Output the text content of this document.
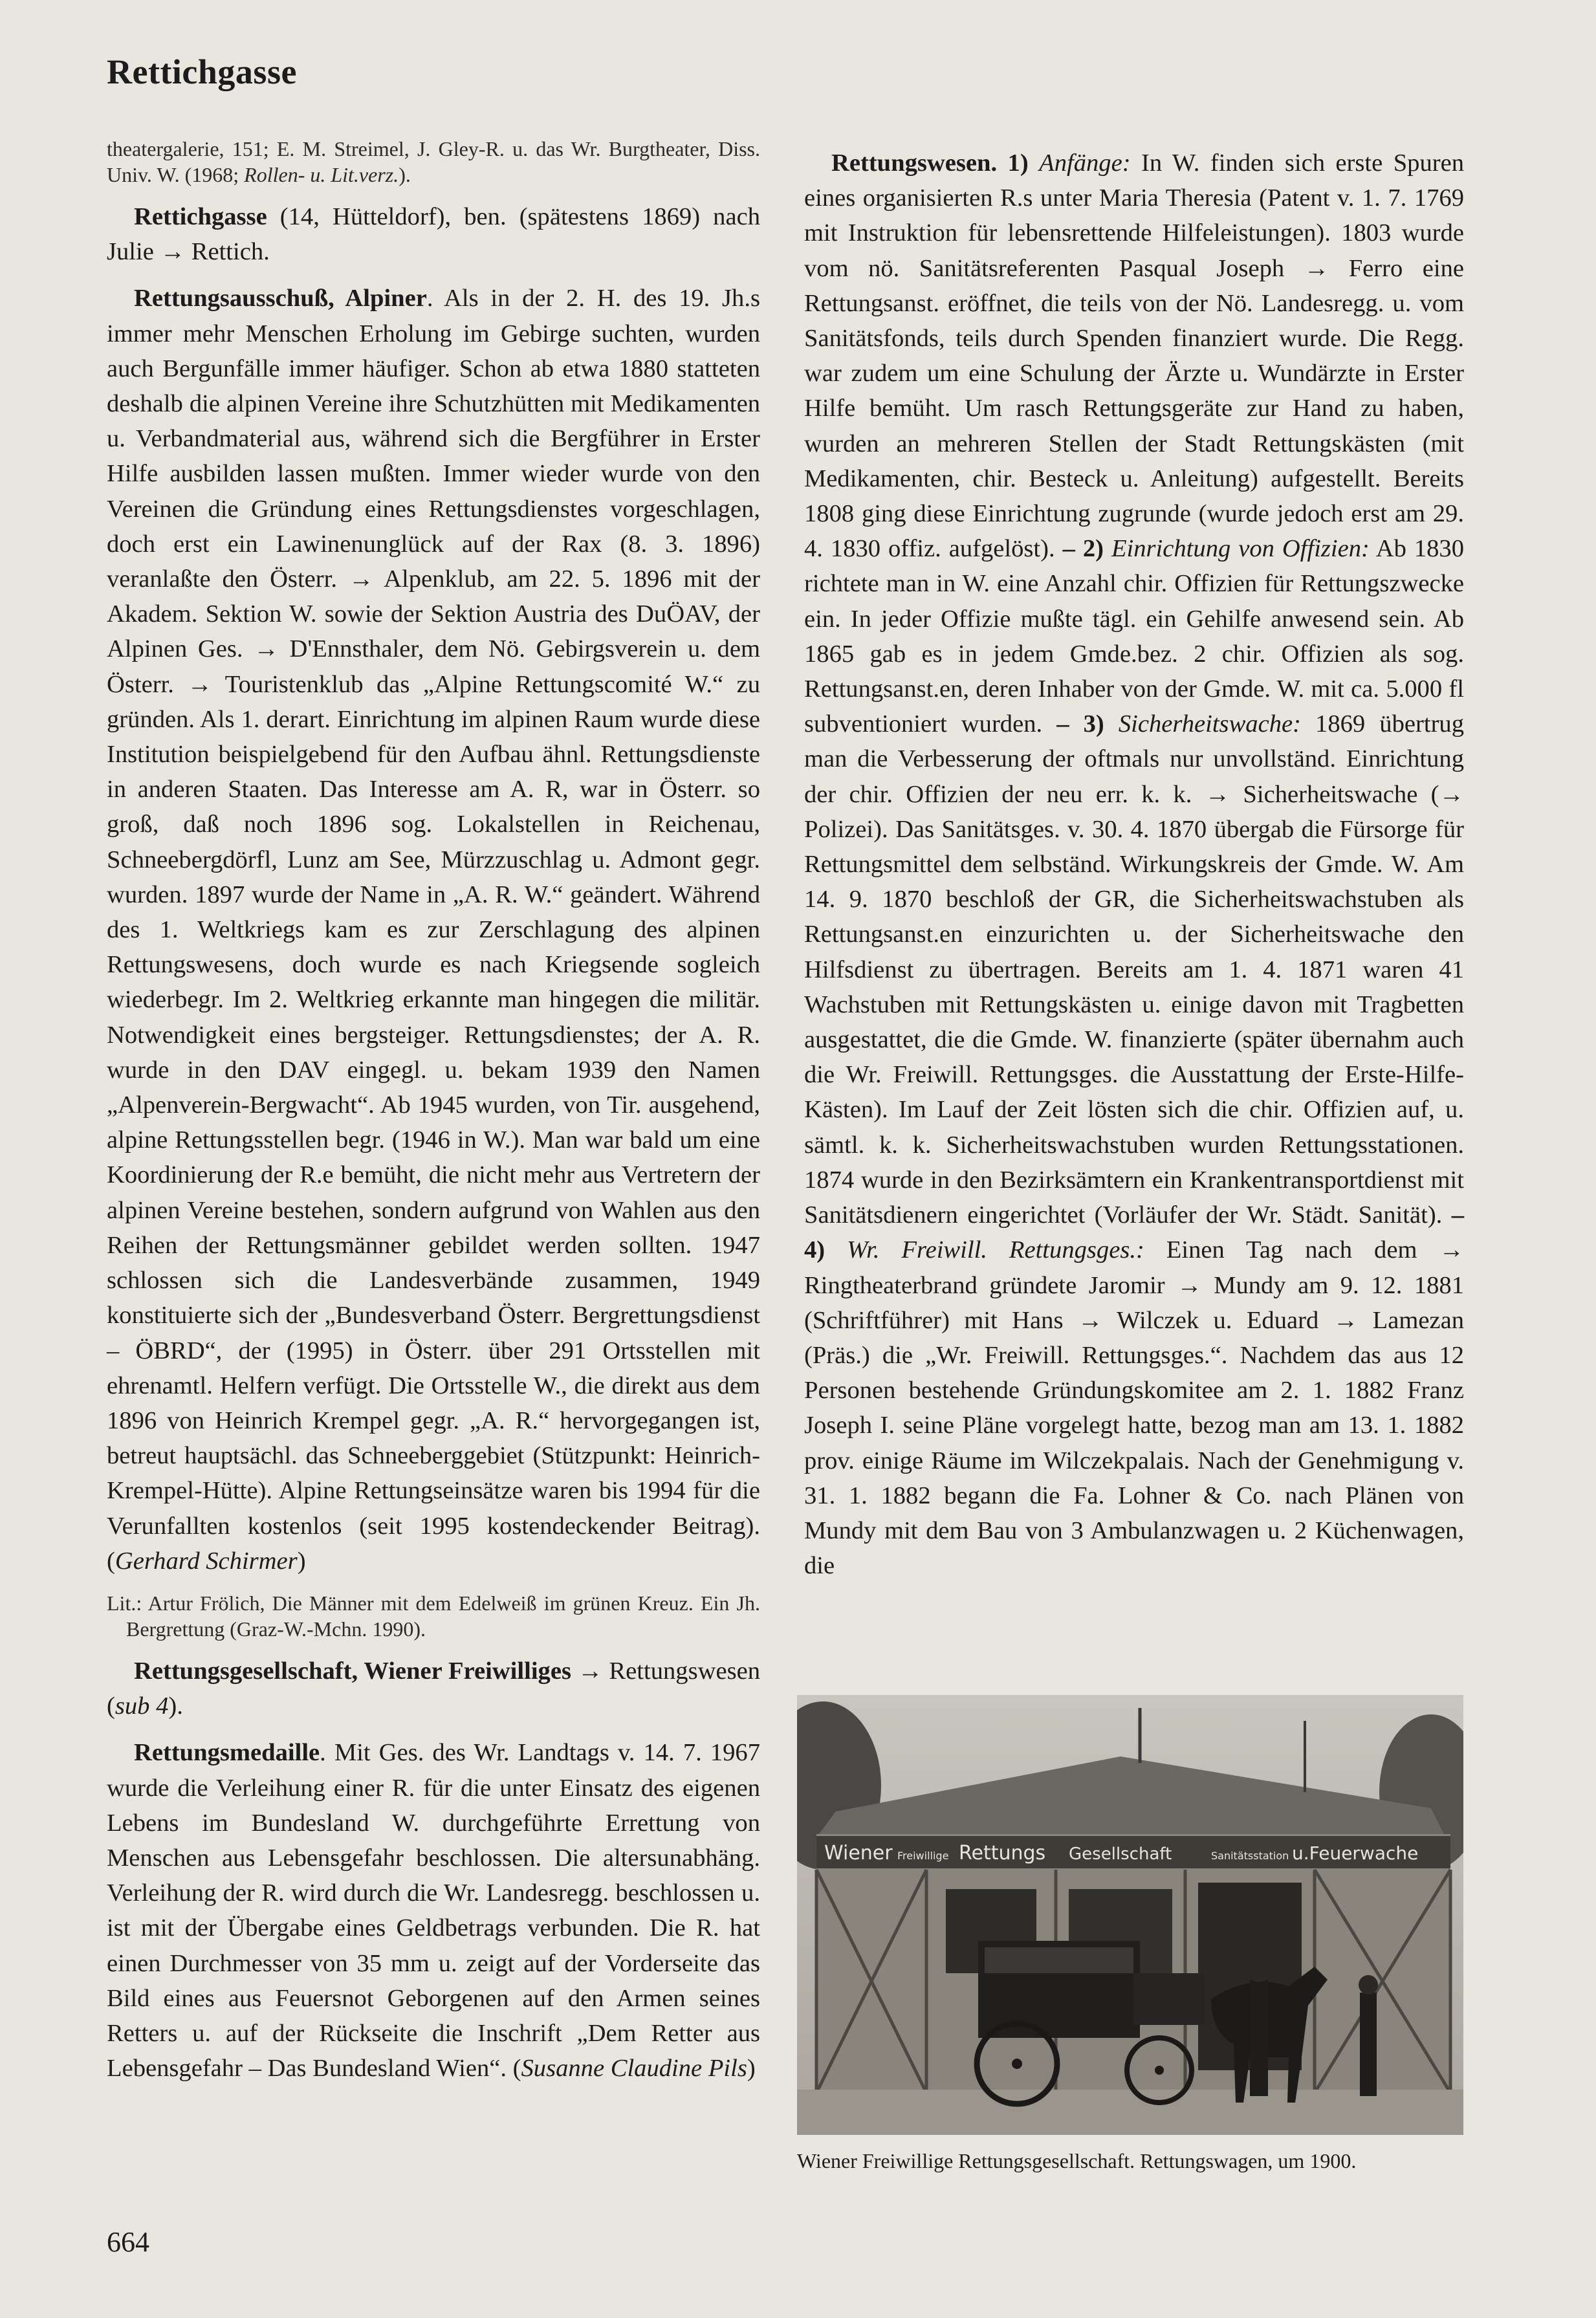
Rettichgasse

theatergalerie, 151; E. M. Streimel, J. Gley-R. u. das Wr. Burgtheater, Diss. Univ. W. (1968; Rollen- u. Lit.verz.).

Rettichgasse (14, Hütteldorf), ben. (spätestens 1869) nach Julie → Rettich.

Rettungsausschuß, Alpiner. Als in der 2. H. des 19. Jh.s immer mehr Menschen Erholung im Gebirge suchten, wurden auch Bergunfälle immer häufiger. Schon ab etwa 1880 statteten deshalb die alpinen Vereine ihre Schutzhütten mit Medikamenten u. Verbandmaterial aus, während sich die Bergführer in Erster Hilfe ausbilden lassen mußten. Immer wieder wurde von den Vereinen die Gründung eines Rettungsdienstes vorgeschlagen, doch erst ein Lawinenunglück auf der Rax (8. 3. 1896) veranlaßte den Österr. → Alpenklub, am 22. 5. 1896 mit der Akadem. Sektion W. sowie der Sektion Austria des DuÖAV, der Alpinen Ges. → D'Ennsthaler, dem Nö. Gebirgsverein u. dem Österr. → Touristenklub das „Alpine Rettungscomité W.“ zu gründen. Als 1. derart. Einrichtung im alpinen Raum wurde diese Institution beispielgebend für den Aufbau ähnl. Rettungsdienste in anderen Staaten. Das Interesse am A. R, war in Österr. so groß, daß noch 1896 sog. Lokalstellen in Reichenau, Schneebergdörfl, Lunz am See, Mürzzuschlag u. Admont gegr. wurden. 1897 wurde der Name in „A. R. W.“ geändert. Während des 1. Weltkriegs kam es zur Zerschlagung des alpinen Rettungswesens, doch wurde es nach Kriegsende sogleich wiederbegr. Im 2. Weltkrieg erkannte man hingegen die militär. Notwendigkeit eines bergsteiger. Rettungsdienstes; der A. R. wurde in den DAV eingegl. u. bekam 1939 den Namen „Alpenverein-Bergwacht“. Ab 1945 wurden, von Tir. ausgehend, alpine Rettungsstellen begr. (1946 in W.). Man war bald um eine Koordinierung der R.e bemüht, die nicht mehr aus Vertretern der alpinen Vereine bestehen, sondern aufgrund von Wahlen aus den Reihen der Rettungsmänner gebildet werden sollten. 1947 schlossen sich die Landesverbände zusammen, 1949 konstituierte sich der „Bundesverband Österr. Bergrettungsdienst – ÖBRD“, der (1995) in Österr. über 291 Ortsstellen mit ehrenamtl. Helfern verfügt. Die Ortsstelle W., die direkt aus dem 1896 von Heinrich Krempel gegr. „A. R.“ hervorgegangen ist, betreut hauptsächl. das Schneeberggebiet (Stützpunkt: Heinrich-Krempel-Hütte). Alpine Rettungseinsätze waren bis 1994 für die Verunfallten kostenlos (seit 1995 kostendeckender Beitrag). (Gerhard Schirmer)

Lit.: Artur Frölich, Die Männer mit dem Edelweiß im grünen Kreuz. Ein Jh. Bergrettung (Graz-W.-Mchn. 1990).

Rettungsgesellschaft, Wiener Freiwilliges → Rettungswesen (sub 4).

Rettungsmedaille. Mit Ges. des Wr. Landtags v. 14. 7. 1967 wurde die Verleihung einer R. für die unter Einsatz des eigenen Lebens im Bundesland W. durchgeführte Errettung von Menschen aus Lebensgefahr beschlossen. Die altersunabhäng. Verleihung der R. wird durch die Wr. Landesregg. beschlossen u. ist mit der Übergabe eines Geldbetrags verbunden. Die R. hat einen Durchmesser von 35 mm u. zeigt auf der Vorderseite das Bild eines aus Feuersnot Geborgenen auf den Armen seines Retters u. auf der Rückseite die Inschrift „Dem Retter aus Lebensgefahr – Das Bundesland Wien“. (Susanne Claudine Pils)

Rettungswesen. 1) Anfänge: In W. finden sich erste Spuren eines organisierten R.s unter Maria Theresia (Patent v. 1. 7. 1769 mit Instruktion für lebensrettende Hilfeleistungen). 1803 wurde vom nö. Sanitätsreferenten Pasqual Joseph → Ferro eine Rettungsanst. eröffnet, die teils von der Nö. Landesregg. u. vom Sanitätsfonds, teils durch Spenden finanziert wurde. Die Regg. war zudem um eine Schulung der Ärzte u. Wundärzte in Erster Hilfe bemüht. Um rasch Rettungsgeräte zur Hand zu haben, wurden an mehreren Stellen der Stadt Rettungskästen (mit Medikamenten, chir. Besteck u. Anleitung) aufgestellt. Bereits 1808 ging diese Einrichtung zugrunde (wurde jedoch erst am 29. 4. 1830 offiz. aufgelöst). – 2) Einrichtung von Offizien: Ab 1830 richtete man in W. eine Anzahl chir. Offizien für Rettungszwecke ein. In jeder Offizie mußte tägl. ein Gehilfe anwesend sein. Ab 1865 gab es in jedem Gmde.bez. 2 chir. Offizien als sog. Rettungsanst.en, deren Inhaber von der Gmde. W. mit ca. 5.000 fl subventioniert wurden. – 3) Sicherheitswache: 1869 übertrug man die Verbesserung der oftmals nur unvollständ. Einrichtung der chir. Offizien der neu err. k. k. → Sicherheitswache (→ Polizei). Das Sanitätsges. v. 30. 4. 1870 übergab die Fürsorge für Rettungsmittel dem selbständ. Wirkungskreis der Gmde. W. Am 14. 9. 1870 beschloß der GR, die Sicherheitswachstuben als Rettungsanst.en einzurichten u. der Sicherheitswache den Hilfsdienst zu übertragen. Bereits am 1. 4. 1871 waren 41 Wachstuben mit Rettungskästen u. einige davon mit Tragbetten ausgestattet, die die Gmde. W. finanzierte (später übernahm auch die Wr. Freiwill. Rettungsges. die Ausstattung der Erste-Hilfe-Kästen). Im Lauf der Zeit lösten sich die chir. Offizien auf, u. sämtl. k. k. Sicherheitswachstuben wurden Rettungsstationen. 1874 wurde in den Bezirksämtern ein Krankentransportdienst mit Sanitätsdienern eingerichtet (Vorläufer der Wr. Städt. Sanität). – 4) Wr. Freiwill. Rettungsges.: Einen Tag nach dem → Ringtheaterbrand gründete Jaromir → Mundy am 9. 12. 1881 (Schriftführer) mit Hans → Wilczek u. Eduard → Lamezan (Präs.) die „Wr. Freiwill. Rettungsges.“. Nachdem das aus 12 Personen bestehende Gründungskomitee am 2. 1. 1882 Franz Joseph I. seine Pläne vorgelegt hatte, bezog man am 13. 1. 1882 prov. einige Räume im Wilczekpalais. Nach der Genehmigung v. 31. 1. 1882 begann die Fa. Lohner & Co. nach Plänen von Mundy mit dem Bau von 3 Ambulanzwagen u. 2 Küchenwagen, die

Wiener Freiwillige Rettungs Gesellschaft	Sanitätsstation u.Feuerwache
Wiener Freiwillige Rettungsgesellschaft. Rettungswagen, um 1900.
664
